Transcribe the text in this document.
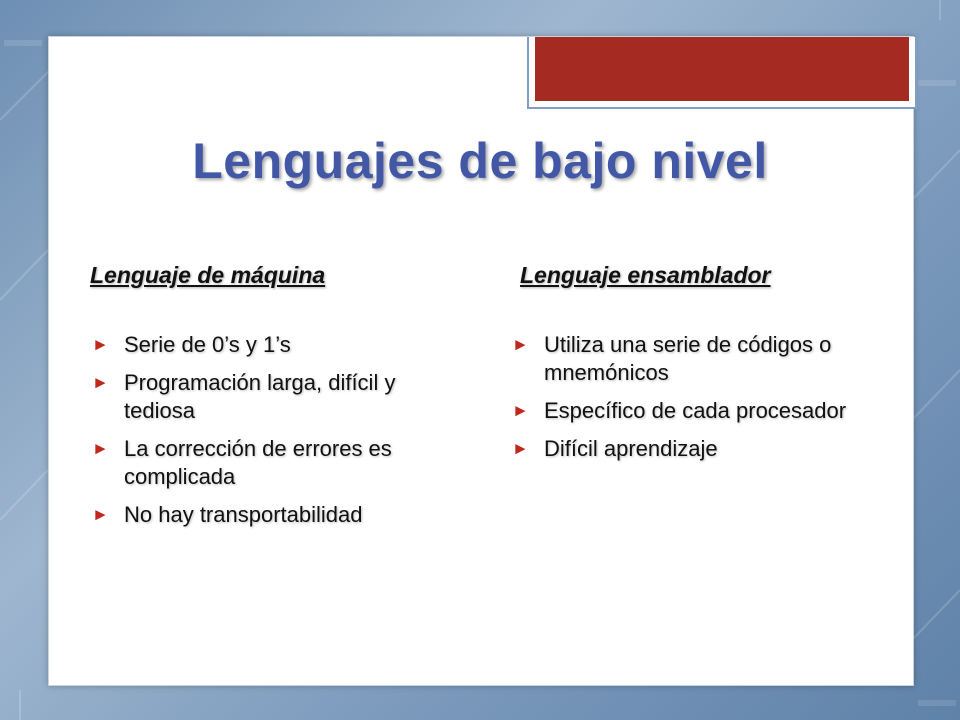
Lenguajes de bajo nivel
Lenguaje de máquina
► Serie de 0’s y 1’s
► Programación larga, difícil y tediosa
► La corrección de errores es complicada
► No hay transportabilidad
Lenguaje ensamblador
► Utiliza una serie de códigos o mnemónicos
► Específico de cada procesador
► Difícil aprendizaje
